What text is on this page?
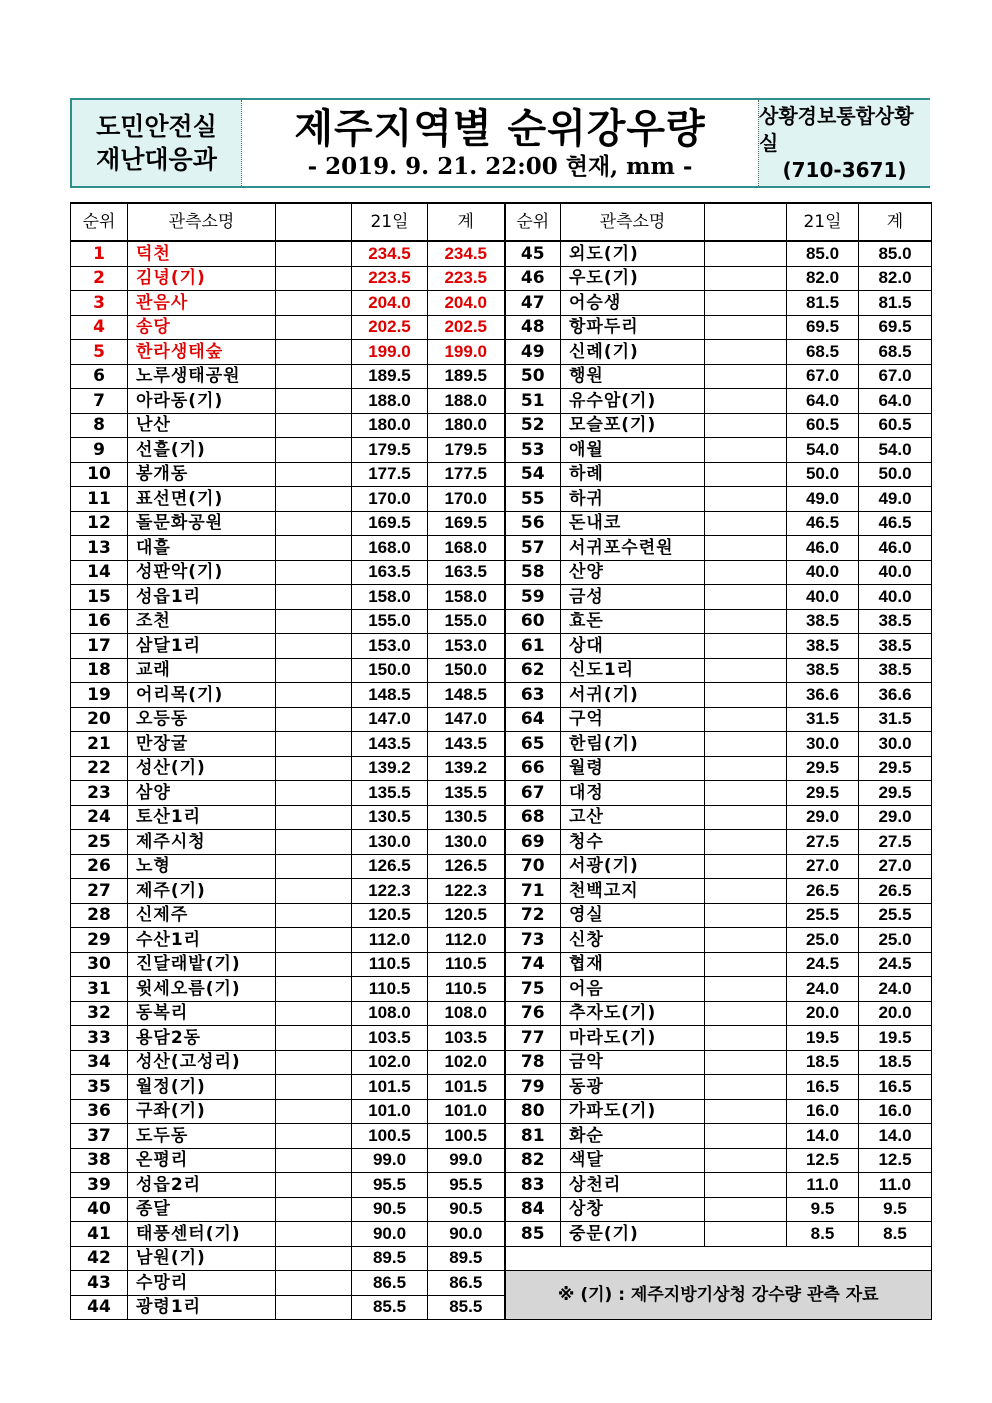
도민안전실
재난대응과
제주지역별 순위강우량
- 2019. 9. 21. 22:00 현재, mm -
상황경보통합상황실
(710-3671)
순위	관측소명		21일	계	순위	관측소명		21일	계
1	덕천		234.5	234.5	45	외도(기)		85.0	85.0
2	김녕(기)		223.5	223.5	46	우도(기)		82.0	82.0
3	관음사		204.0	204.0	47	어승생		81.5	81.5
4	송당		202.5	202.5	48	항파두리		69.5	69.5
5	한라생태숲		199.0	199.0	49	신례(기)		68.5	68.5
6	노루생태공원		189.5	189.5	50	행원		67.0	67.0
7	아라동(기)		188.0	188.0	51	유수암(기)		64.0	64.0
8	난산		180.0	180.0	52	모슬포(기)		60.5	60.5
9	선흘(기)		179.5	179.5	53	애월		54.0	54.0
10	봉개동		177.5	177.5	54	하례		50.0	50.0
11	표선면(기)		170.0	170.0	55	하귀		49.0	49.0
12	돌문화공원		169.5	169.5	56	돈내코		46.5	46.5
13	대흘		168.0	168.0	57	서귀포수련원		46.0	46.0
14	성판악(기)		163.5	163.5	58	산양		40.0	40.0
15	성읍1리		158.0	158.0	59	금성		40.0	40.0
16	조천		155.0	155.0	60	효돈		38.5	38.5
17	삼달1리		153.0	153.0	61	상대		38.5	38.5
18	교래		150.0	150.0	62	신도1리		38.5	38.5
19	어리목(기)		148.5	148.5	63	서귀(기)		36.6	36.6
20	오등동		147.0	147.0	64	구억		31.5	31.5
21	만장굴		143.5	143.5	65	한림(기)		30.0	30.0
22	성산(기)		139.2	139.2	66	월령		29.5	29.5
23	삼양		135.5	135.5	67	대정		29.5	29.5
24	토산1리		130.5	130.5	68	고산		29.0	29.0
25	제주시청		130.0	130.0	69	청수		27.5	27.5
26	노형		126.5	126.5	70	서광(기)		27.0	27.0
27	제주(기)		122.3	122.3	71	천백고지		26.5	26.5
28	신제주		120.5	120.5	72	영실		25.5	25.5
29	수산1리		112.0	112.0	73	신창		25.0	25.0
30	진달래밭(기)		110.5	110.5	74	협재		24.5	24.5
31	윗세오름(기)		110.5	110.5	75	어음		24.0	24.0
32	동복리		108.0	108.0	76	추자도(기)		20.0	20.0
33	용담2동		103.5	103.5	77	마라도(기)		19.5	19.5
34	성산(고성리)		102.0	102.0	78	금악		18.5	18.5
35	월정(기)		101.5	101.5	79	동광		16.5	16.5
36	구좌(기)		101.0	101.0	80	가파도(기)		16.0	16.0
37	도두동		100.5	100.5	81	화순		14.0	14.0
38	온평리		99.0	99.0	82	색달		12.5	12.5
39	성읍2리		95.5	95.5	83	상천리		11.0	11.0
40	종달		90.5	90.5	84	상창		9.5	9.5
41	태풍센터(기)		90.0	90.0	85	중문(기)		8.5	8.5
42	남원(기)		89.5	89.5					
43	수망리		86.5	86.5	※ (기) : 제주지방기상청 강수량 관측 자료				
44	광령1리		85.5	85.5					
